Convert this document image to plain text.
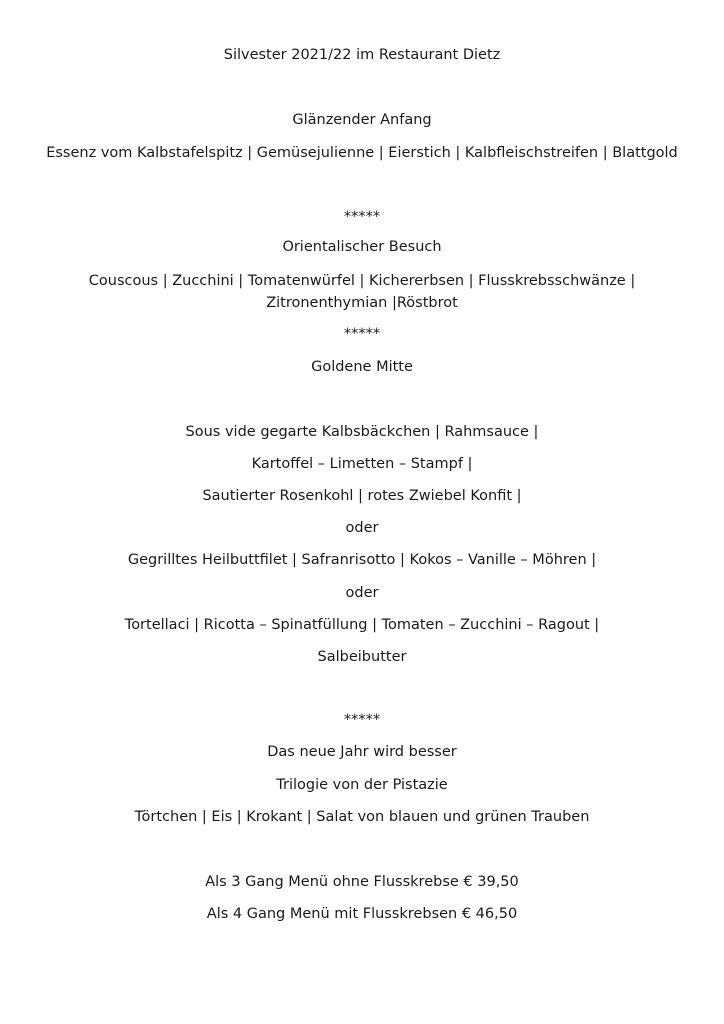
Silvester 2021/22 im Restaurant Dietz
Glänzender Anfang
Essenz vom Kalbstafelspitz | Gemüsejulienne | Eierstich | Kalbfleischstreifen | Blattgold
*****
Orientalischer Besuch
Couscous | Zucchini | Tomatenwürfel | Kichererbsen | Flusskrebsschwänze |
Zitronenthymian |Röstbrot
*****
Goldene Mitte
Sous vide gegarte Kalbsbäckchen | Rahmsauce |
Kartoffel – Limetten – Stampf |
Sautierter Rosenkohl | rotes Zwiebel Konfit |
oder
Gegrilltes Heilbuttfilet | Safranrisotto | Kokos – Vanille – Möhren |
oder
Tortellaci | Ricotta – Spinatfüllung | Tomaten – Zucchini – Ragout |
Salbeibutter
*****
Das neue Jahr wird besser
Trilogie von der Pistazie
Törtchen | Eis | Krokant | Salat von blauen und grünen Trauben
Als 3 Gang Menü ohne Flusskrebse € 39,50
Als 4 Gang Menü mit Flusskrebsen € 46,50
